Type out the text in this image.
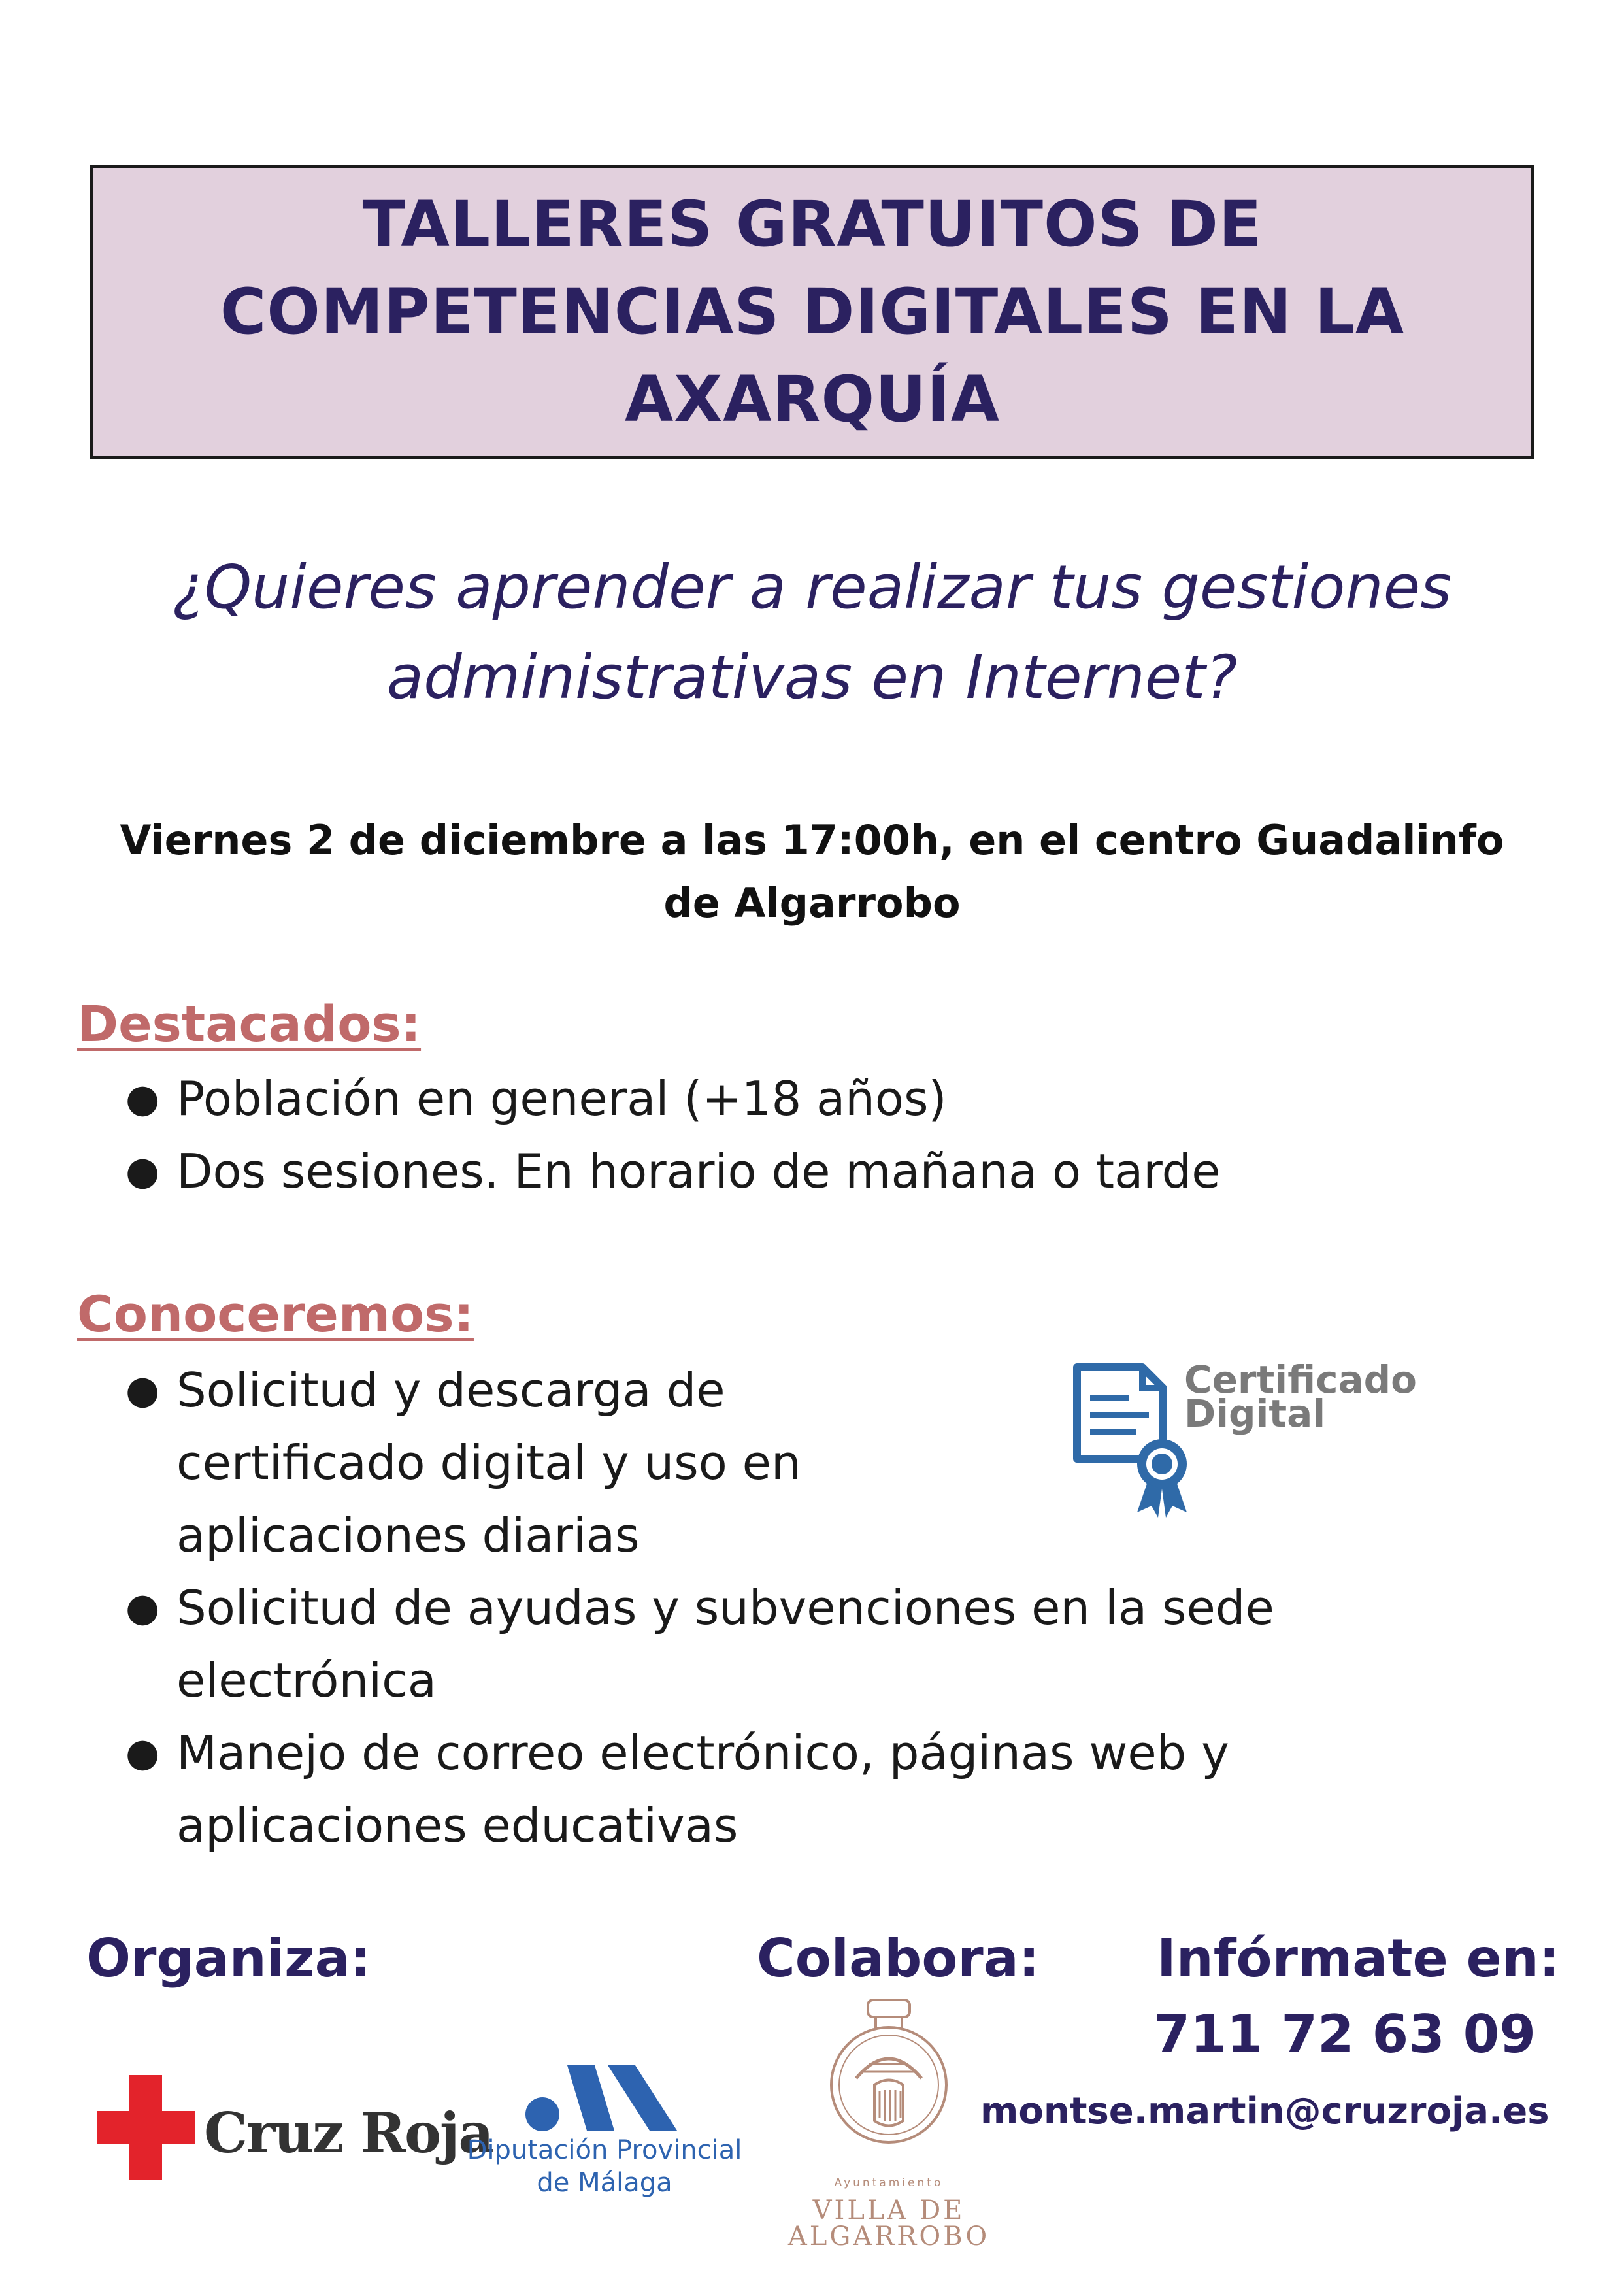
TALLERES GRATUITOS DE
COMPETENCIAS DIGITALES EN LA
AXARQUÍA
¿Quieres aprender a realizar tus gestiones
administrativas en Internet?
Viernes 2 de diciembre a las 17:00h, en el centro Guadalinfo
de Algarrobo
Destacados:
● Población en general (+18 años)
● Dos sesiones. En horario de mañana o tarde
Conoceremos:
● Solicitud y descarga de
certificado digital y uso en
aplicaciones diarias
● Solicitud de ayudas y subvenciones en la sede
electrónica
● Manejo de correo electrónico, páginas web y
aplicaciones educativas
Certificado
Digital
Organiza:	Colabora: Infórmate en:
711 72 63 09
montse.martin@cruzroja.es
Cruz Roja
Diputación Provincial
de Málaga	Ayuntamiento
VILLA DE
ALGARROBO
